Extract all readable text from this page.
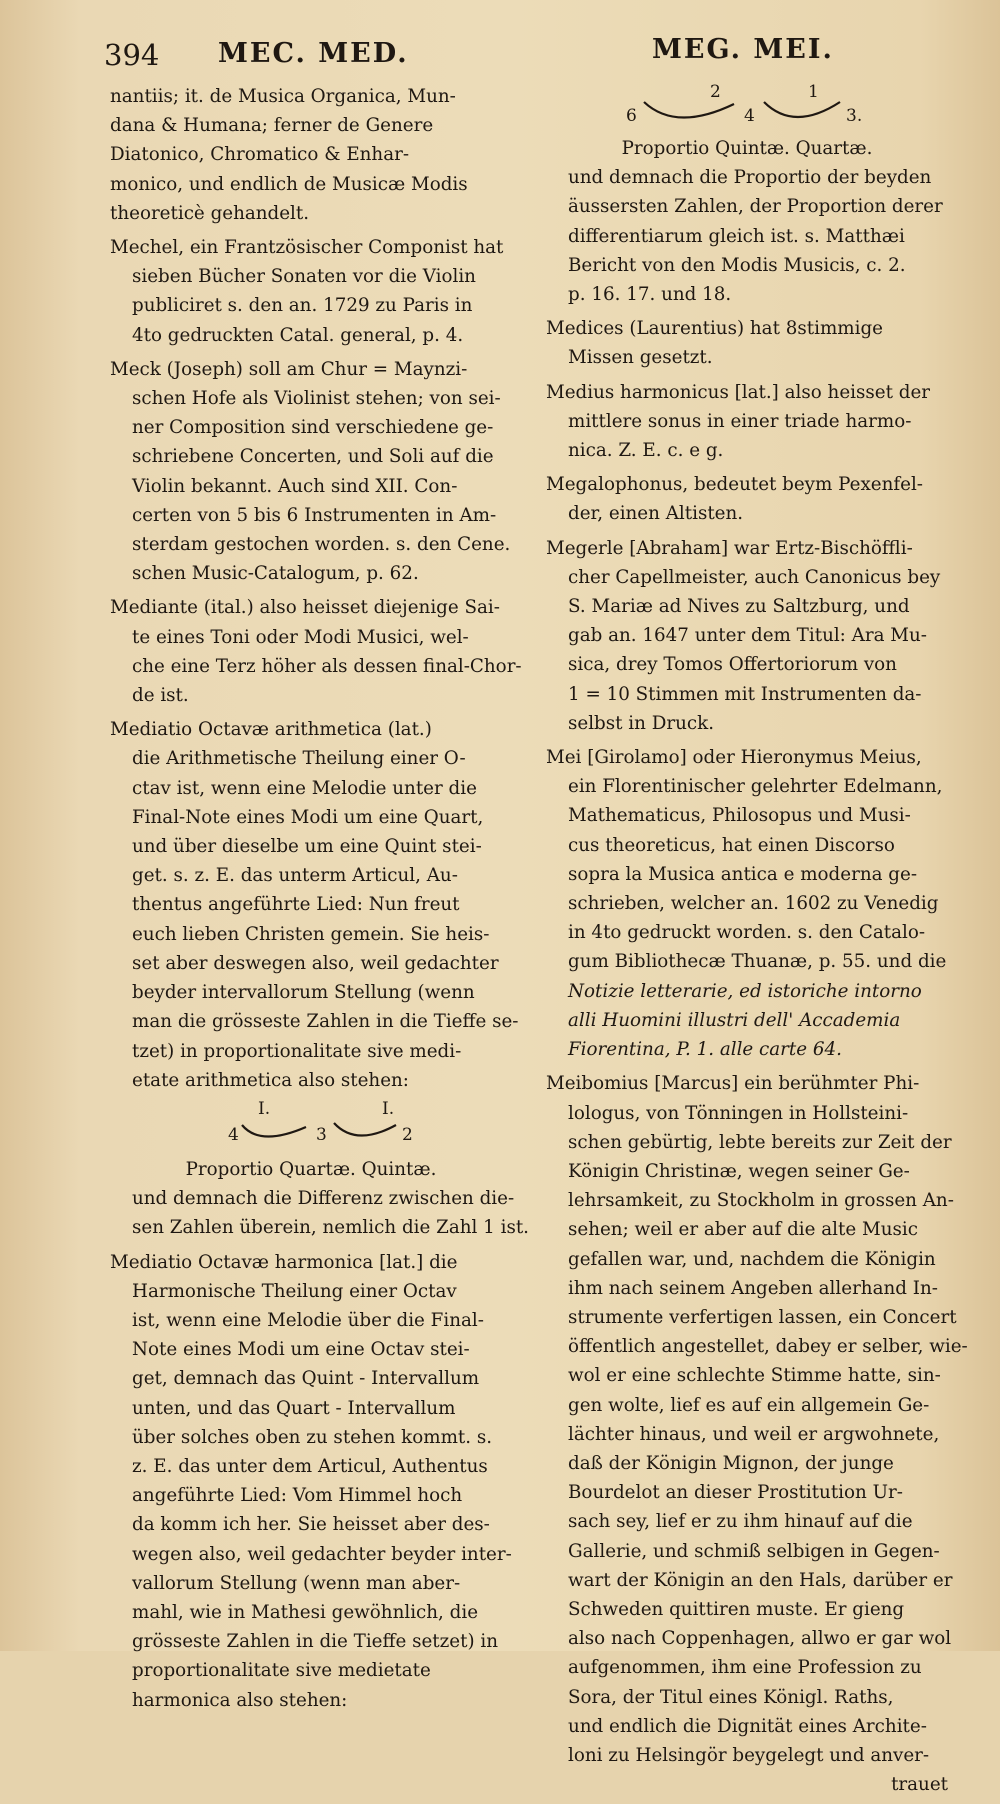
394 MEC. MED.	MEG. MEI.
nantiis; it. de Musica Organica, Mun-
dana & Humana; ferner de Genere
Diatonico, Chromatico & Enhar-
monico, und endlich de Musicæ Modis
theoreticè gehandelt.
Mechel, ein Frantzösischer Componist hat
sieben Bücher Sonaten vor die Violin
publiciret s. den an. 1729 zu Paris in
4to gedruckten Catal. general, p. 4.
Meck (Joseph) soll am Chur = Maynzi-
schen Hofe als Violinist stehen; von sei-
ner Composition sind verschiedene ge-
schriebene Concerten, und Soli auf die
Violin bekannt. Auch sind XII. Con-
certen von 5 bis 6 Instrumenten in Am-
sterdam gestochen worden. s. den Cene.
schen Music-Catalogum, p. 62.
Mediante (ital.) also heisset diejenige Sai-
te eines Toni oder Modi Musici, wel-
che eine Terz höher als dessen final-Chor-
de ist.
Mediatio Octavæ arithmetica (lat.)
die Arithmetische Theilung einer O-
ctav ist, wenn eine Melodie unter die
Final-Note eines Modi um eine Quart,
und über dieselbe um eine Quint stei-
get. s. z. E. das unterm Articul, Au-
thentus angeführte Lied: Nun freut
euch lieben Christen gemein. Sie heis-
set aber deswegen also, weil gedachter
beyder intervallorum Stellung (wenn
man die grösseste Zahlen in die Tieffe se-
tzet) in proportionalitate sive medi-
etate arithmetica also stehen:
I.	I.
4	3	2
Proportio Quartæ. Quintæ.
und demnach die Differenz zwischen die-
sen Zahlen überein, nemlich die Zahl 1 ist.
Mediatio Octavæ harmonica [lat.] die
Harmonische Theilung einer Octav
ist, wenn eine Melodie über die Final-
Note eines Modi um eine Octav stei-
get, demnach das Quint - Intervallum
unten, und das Quart - Intervallum
über solches oben zu stehen kommt. s.
z. E. das unter dem Articul, Authentus
angeführte Lied: Vom Himmel hoch
da komm ich her. Sie heisset aber des-
wegen also, weil gedachter beyder inter-
vallorum Stellung (wenn man aber-
mahl, wie in Mathesi gewöhnlich, die
grösseste Zahlen in die Tieffe setzet) in
proportionalitate sive medietate
harmonica also stehen:
2	1
6	4	3.
Proportio Quintæ. Quartæ.
und demnach die Proportio der beyden
äussersten Zahlen, der Proportion derer
differentiarum gleich ist. s. Matthæi
Bericht von den Modis Musicis, c. 2.
p. 16. 17. und 18.
Medices (Laurentius) hat 8stimmige
Missen gesetzt.
Medius harmonicus [lat.] also heisset der
mittlere sonus in einer triade harmo-
nica. Z. E. c. e g.
Megalophonus, bedeutet beym Pexenfel-
der, einen Altisten.
Megerle [Abraham] war Ertz-Bischöffli-
cher Capellmeister, auch Canonicus bey
S. Mariæ ad Nives zu Saltzburg, und
gab an. 1647 unter dem Titul: Ara Mu-
sica, drey Tomos Offertoriorum von
1 = 10 Stimmen mit Instrumenten da-
selbst in Druck.
Mei [Girolamo] oder Hieronymus Meius,
ein Florentinischer gelehrter Edelmann,
Mathematicus, Philosopus und Musi-
cus theoreticus, hat einen Discorso
sopra la Musica antica e moderna ge-
schrieben, welcher an. 1602 zu Venedig
in 4to gedruckt worden. s. den Catalo-
gum Bibliothecæ Thuanæ, p. 55. und die
Notizie letterarie, ed istoriche intorno
alli Huomini illustri dell' Accademia
Fiorentina, P. 1. alle carte 64.
Meibomius [Marcus] ein berühmter Phi-
lologus, von Tönningen in Hollsteini-
schen gebürtig, lebte bereits zur Zeit der
Königin Christinæ, wegen seiner Ge-
lehrsamkeit, zu Stockholm in grossen An-
sehen; weil er aber auf die alte Music
gefallen war, und, nachdem die Königin
ihm nach seinem Angeben allerhand In-
strumente verfertigen lassen, ein Concert
öffentlich angestellet, dabey er selber, wie-
wol er eine schlechte Stimme hatte, sin-
gen wolte, lief es auf ein allgemein Ge-
lächter hinaus, und weil er argwohnete,
daß der Königin Mignon, der junge
Bourdelot an dieser Prostitution Ur-
sach sey, lief er zu ihm hinauf auf die
Gallerie, und schmiß selbigen in Gegen-
wart der Königin an den Hals, darüber er
Schweden quittiren muste. Er gieng
also nach Coppenhagen, allwo er gar wol
aufgenommen, ihm eine Profession zu
Sora, der Titul eines Königl. Raths,
und endlich die Dignität eines Archite-
loni zu Helsingör beygelegt und anver-
trauet
